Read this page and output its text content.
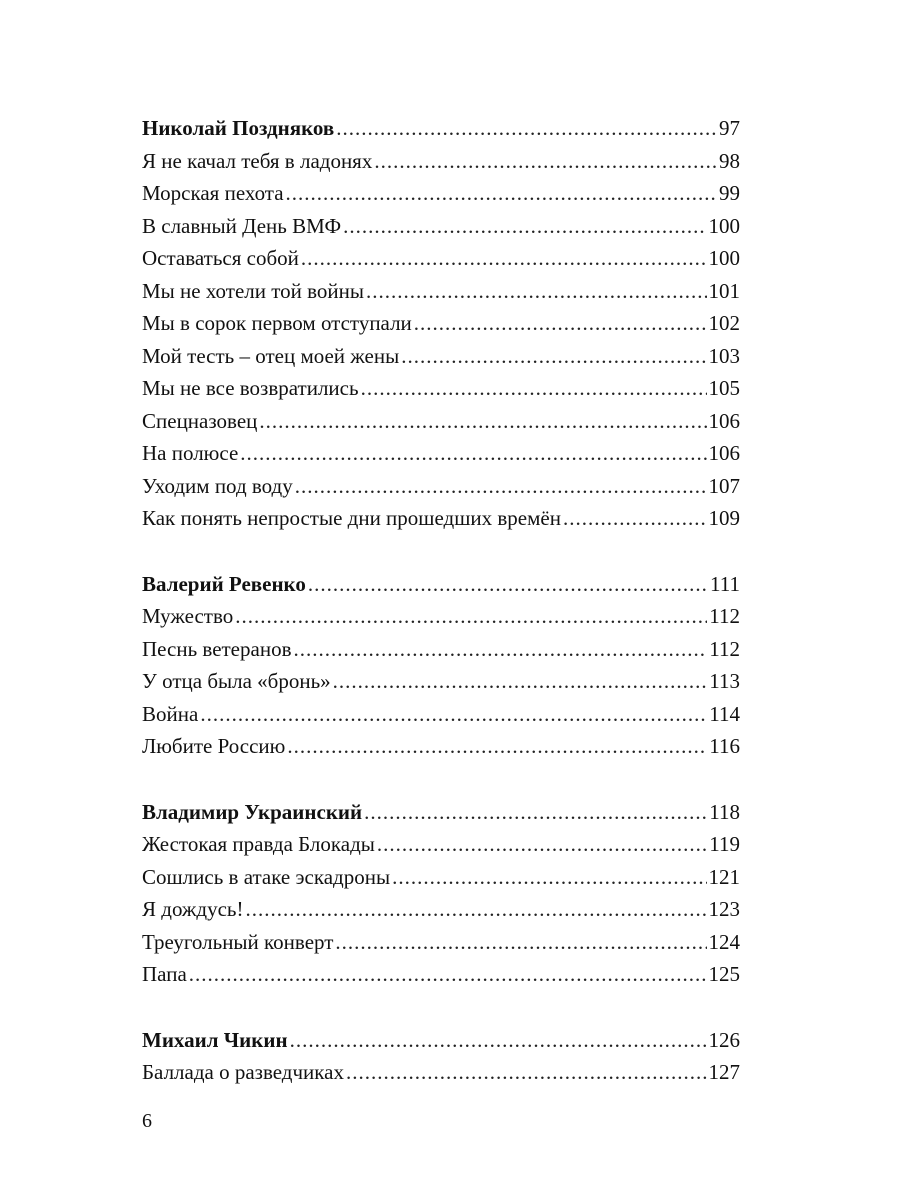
Николай Поздняков .....	97
Я не качал тебя в ладонях .....	98
Морская пехота .....	99
В славный День ВМФ .....	100
Оставаться собой .....	100
Мы не хотели той войны .....	101
Мы в сорок первом отступали .....	102
Мой тесть – отец моей жены .....	103
Мы не все возвратились .....	105
Спецназовец .....	106
На полюсе .....	106
Уходим под воду .....	107
Как понять непростые дни прошедших времён .....	109
Валерий Ревенко .....	111
Мужество .....	112
Песнь ветеранов .....	112
У отца была «бронь» .....	113
Война .....	114
Любите Россию .....	116
Владимир Украинский .....	118
Жестокая правда Блокады .....	119
Сошлись в атаке эскадроны .....	121
Я дождусь! .....	123
Треугольный конверт .....	124
Папа .....	125
Михаил Чикин .....	126
Баллада о разведчиках .....	127
6
